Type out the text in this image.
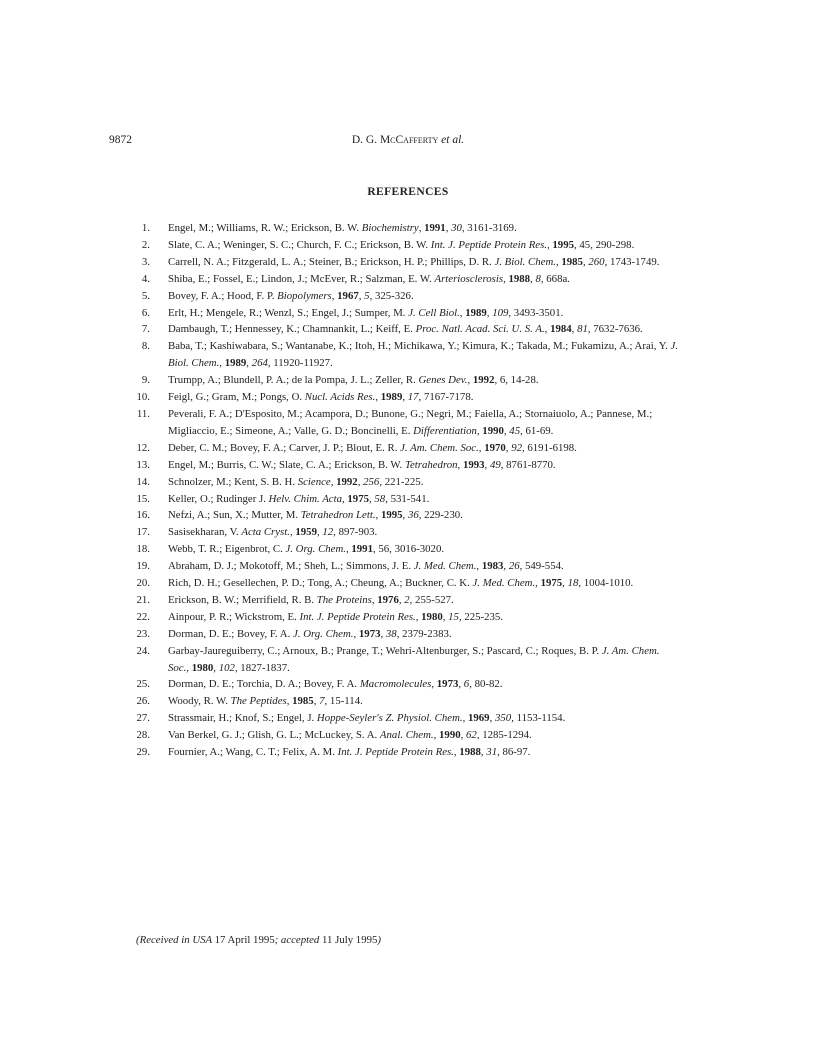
9872	D. G. McCafferty et al.
REFERENCES
1. Engel, M.; Williams, R. W.; Erickson, B. W. Biochemistry, 1991, 30, 3161-3169.
2. Slate, C. A.; Weninger, S. C.; Church, F. C.; Erickson, B. W. Int. J. Peptide Protein Res., 1995, 45, 290-298.
3. Carrell, N. A.; Fitzgerald, L. A.; Steiner, B.; Erickson, H. P.; Phillips, D. R. J. Biol. Chem., 1985, 260, 1743-1749.
4. Shiba, E.; Fossel, E.; Lindon, J.; McEver, R.; Salzman, E. W. Arteriosclerosis, 1988, 8, 668a.
5. Bovey, F. A.; Hood, F. P. Biopolymers, 1967, 5, 325-326.
6. Erlt, H.; Mengele, R.; Wenzl, S.; Engel, J.; Sumper, M. J. Cell Biol., 1989, 109, 3493-3501.
7. Dambaugh, T.; Hennessey, K.; Chamnankit, L.; Keiff, E. Proc. Natl. Acad. Sci. U. S. A., 1984, 81, 7632-7636.
8. Baba, T.; Kashiwabara, S.; Wantanabe, K.; Itoh, H.; Michikawa, Y.; Kimura, K.; Takada, M.; Fukamizu, A.; Arai, Y. J. Biol. Chem., 1989, 264, 11920-11927.
9. Trumpp, A.; Blundell, P. A.; de la Pompa, J. L.; Zeller, R. Genes Dev., 1992, 6, 14-28.
10. Feigl, G.; Gram, M.; Pongs, O. Nucl. Acids Res., 1989, 17, 7167-7178.
11. Peverali, F. A.; D'Esposito, M.; Acampora, D.; Bunone, G.; Negri, M.; Faiella, A.; Stornaiuolo, A.; Pannese, M.; Migliaccio, E.; Simeone, A.; Valle, G. D.; Boncinelli, E. Differentiation, 1990, 45, 61-69.
12. Deber, C. M.; Bovey, F. A.; Carver, J. P.; Blout, E. R. J. Am. Chem. Soc., 1970, 92, 6191-6198.
13. Engel, M.; Burris, C. W.; Slate, C. A.; Erickson, B. W. Tetrahedron, 1993, 49, 8761-8770.
14. Schnolzer, M.; Kent, S. B. H. Science, 1992, 256, 221-225.
15. Keller, O.; Rudinger J. Helv. Chim. Acta, 1975, 58, 531-541.
16. Nefzi, A.; Sun, X.; Mutter, M. Tetrahedron Lett., 1995, 36, 229-230.
17. Sasisekharan, V. Acta Cryst., 1959, 12, 897-903.
18. Webb, T. R.; Eigenbrot, C. J. Org. Chem., 1991, 56, 3016-3020.
19. Abraham, D. J.; Mokotoff, M.; Sheh, L.; Simmons, J. E. J. Med. Chem., 1983, 26, 549-554.
20. Rich, D. H.; Gesellechen, P. D.; Tong, A.; Cheung, A.; Buckner, C. K. J. Med. Chem., 1975, 18, 1004-1010.
21. Erickson, B. W.; Merrifield, R. B. The Proteins, 1976, 2, 255-527.
22. Ainpour, P. R.; Wickstrom, E. Int. J. Peptide Protein Res., 1980, 15, 225-235.
23. Dorman, D. E.; Bovey, F. A. J. Org. Chem., 1973, 38, 2379-2383.
24. Garbay-Jaureguiberry, C.; Arnoux, B.; Prange, T.; Wehri-Altenburger, S.; Pascard, C.; Roques, B. P. J. Am. Chem. Soc., 1980, 102, 1827-1837.
25. Dorman, D. E.; Torchia, D. A.; Bovey, F. A. Macromolecules, 1973, 6, 80-82.
26. Woody, R. W. The Peptides, 1985, 7, 15-114.
27. Strassmair, H.; Knof, S.; Engel, J. Hoppe-Seyler's Z. Physiol. Chem., 1969, 350, 1153-1154.
28. Van Berkel, G. J.; Glish, G. L.; McLuckey, S. A. Anal. Chem., 1990, 62, 1285-1294.
29. Fournier, A.; Wang, C. T.; Felix, A. M. Int. J. Peptide Protein Res., 1988, 31, 86-97.
(Received in USA 17 April 1995; accepted 11 July 1995)
